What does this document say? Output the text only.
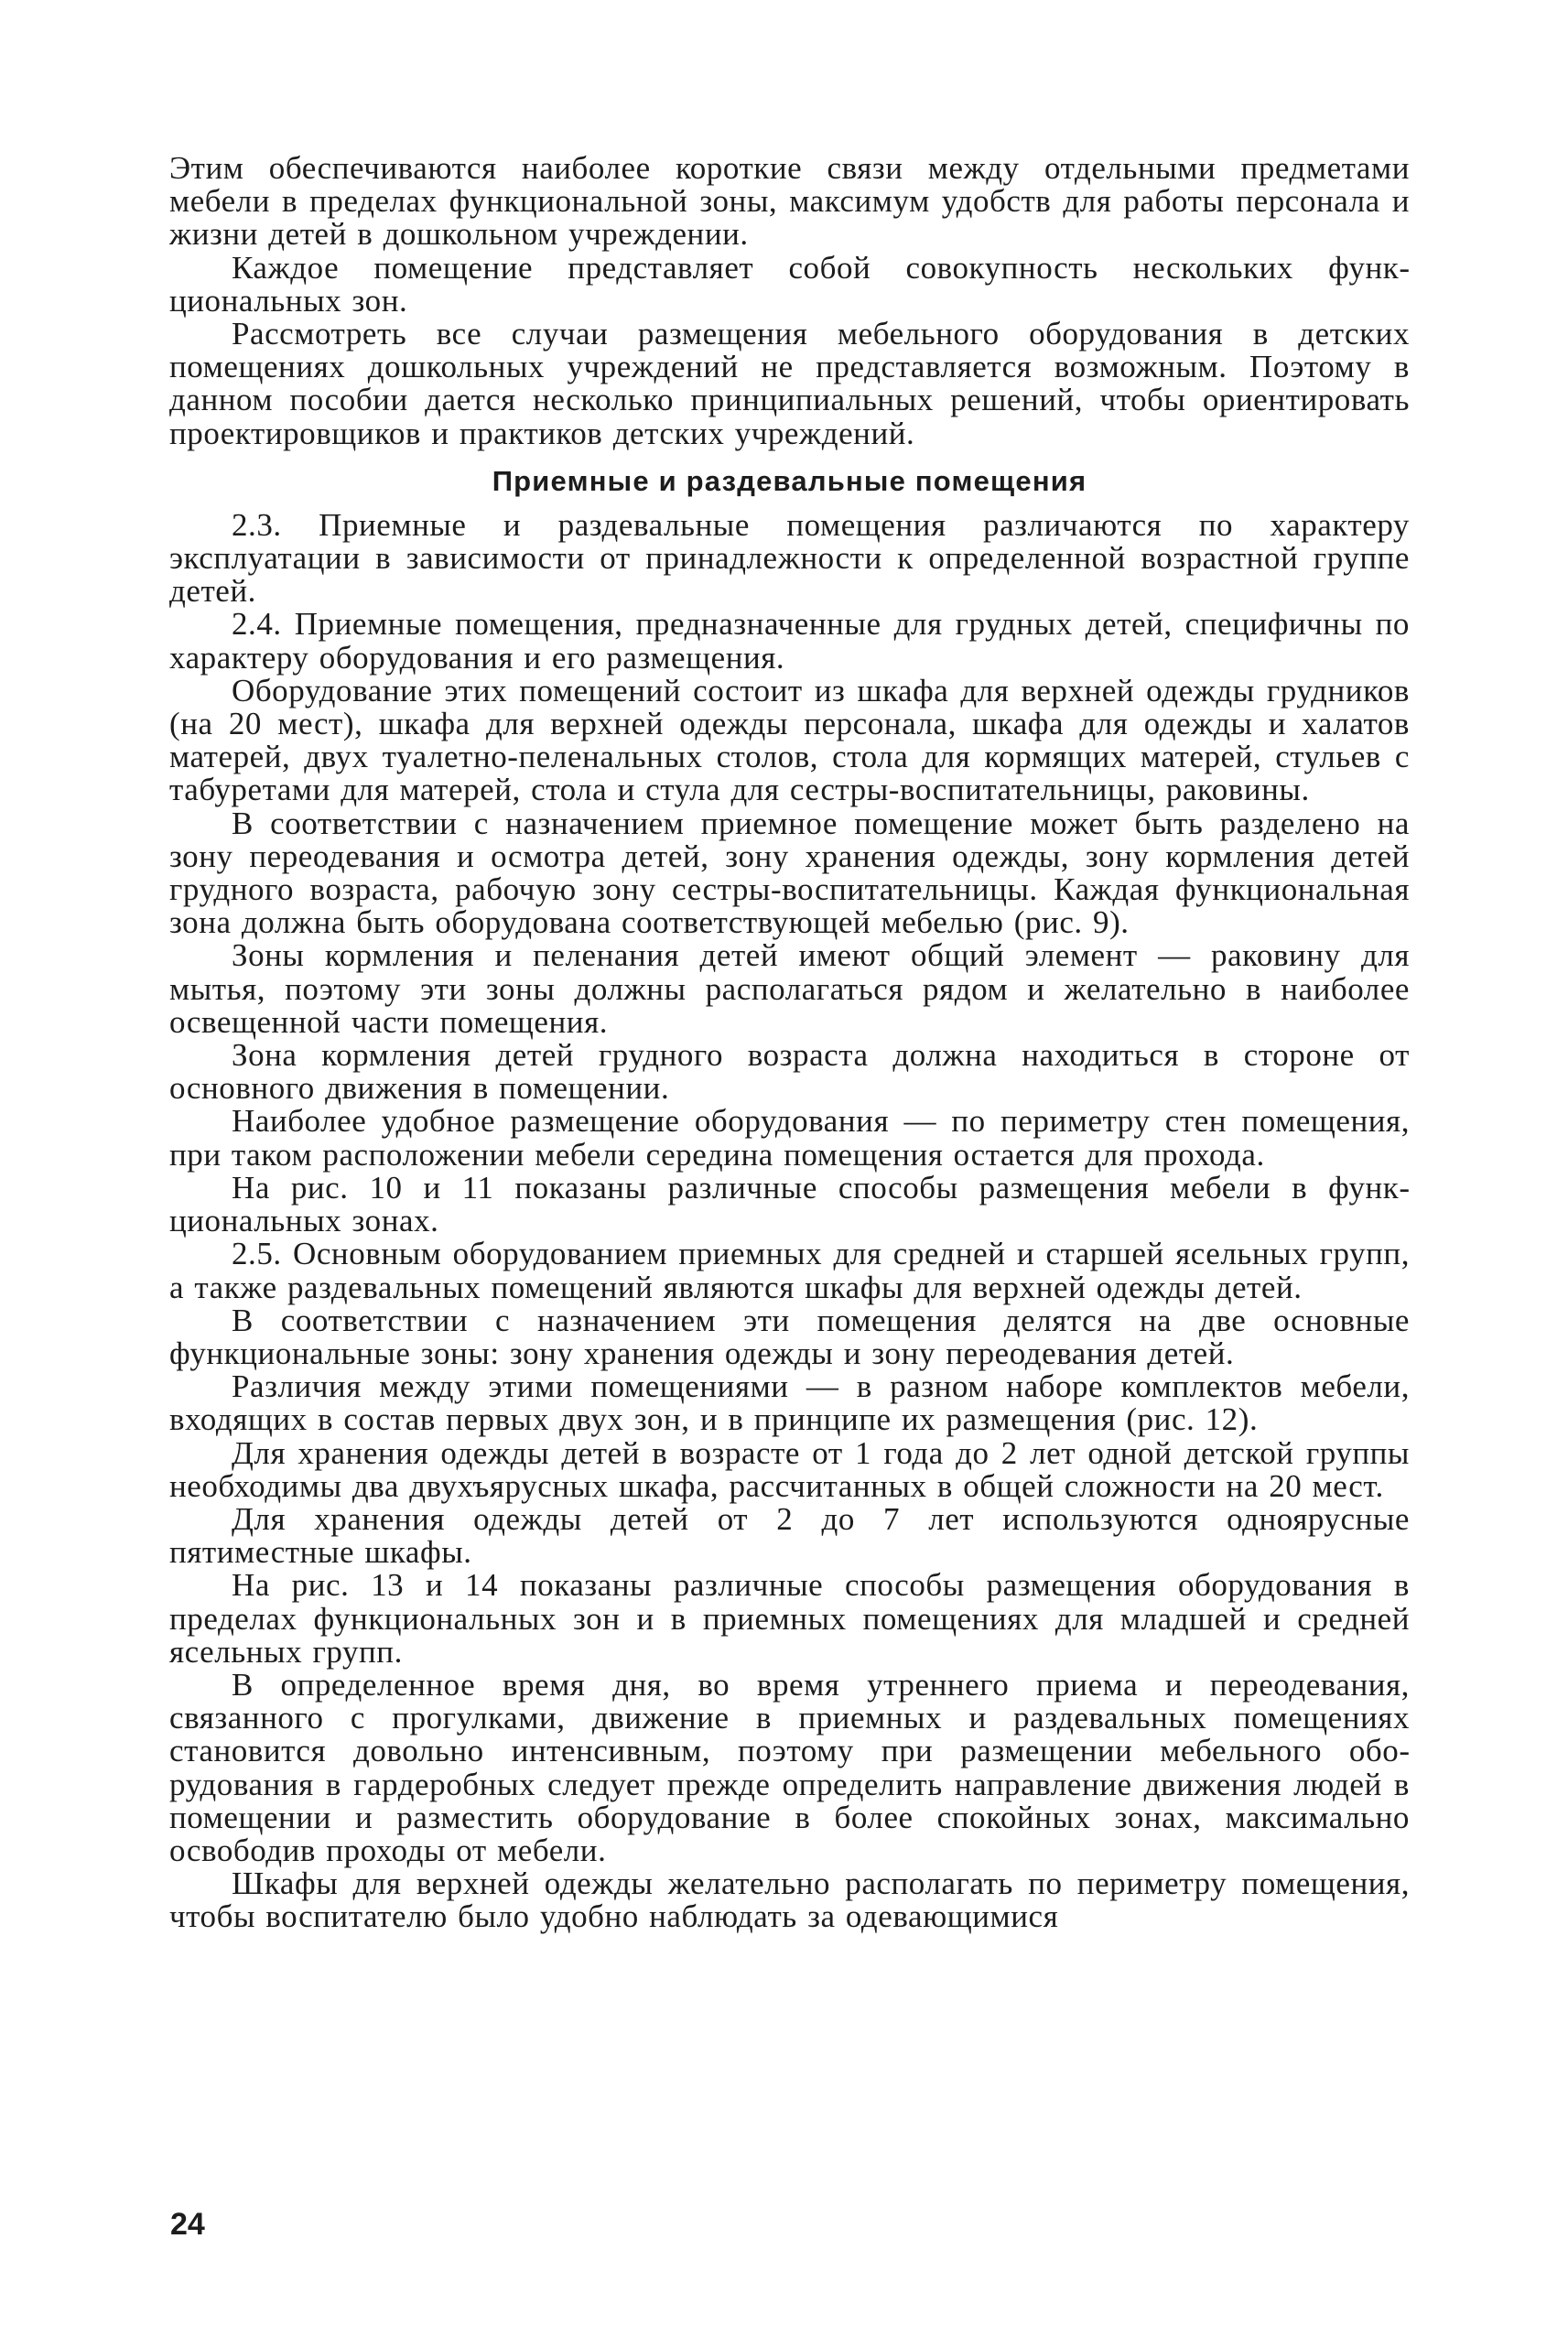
Этим обеспечиваются наиболее короткие связи между отдельными предметами мебели в пределах функциональной зоны, максимум удобств для работы персонала и жизни детей в дошкольном учреждении.

Каждое помещение представляет собой совокупность нескольких функциональных зон.

Рассмотреть все случаи размещения мебельного оборудования в детских помещениях дошкольных учреждений не представляется возможным. Поэтому в данном пособии дается несколько принципиальных решений, чтобы ориентировать проектировщиков и практиков детских учреждений.

Приемные и раздевальные помещения

2.3. Приемные и раздевальные помещения различаются по характеру эксплуатации в зависимости от принадлежности к определенной возрастной группе детей.

2.4. Приемные помещения, предназначенные для грудных детей, специфичны по характеру оборудования и его размещения.

Оборудование этих помещений состоит из шкафа для верхней одежды грудников (на 20 мест), шкафа для верхней одежды персонала, шкафа для одежды и халатов матерей, двух туалетно-пеленальных столов, стола для кормящих матерей, стульев с табуретами для матерей, стола и стула для сестры-воспитательницы, раковины.

В соответствии с назначением приемное помещение может быть разделено на зону переодевания и осмотра детей, зону хранения одежды, зону кормления детей грудного возраста, рабочую зону сестры-воспитательницы. Каждая функциональная зона должна быть оборудована соответствующей мебелью (рис. 9).

Зоны кормления и пеленания детей имеют общий элемент — раковину для мытья, поэтому эти зоны должны располагаться рядом и желательно в наиболее освещенной части помещения.

Зона кормления детей грудного возраста должна находиться в стороне от основного движения в помещении.

Наиболее удобное размещение оборудования — по периметру стен помещения, при таком расположении мебели середина помещения остается для прохода.

На рис. 10 и 11 показаны различные способы размещения мебели в функциональных зонах.

2.5. Основным оборудованием приемных для средней и старшей ясельных групп, а также раздевальных помещений являются шкафы для верхней одежды детей.

В соответствии с назначением эти помещения делятся на две основные функциональные зоны: зону хранения одежды и зону переодевания детей.

Различия между этими помещениями — в разном наборе комплектов мебели, входящих в состав первых двух зон, и в принципе их размещения (рис. 12).

Для хранения одежды детей в возрасте от 1 года до 2 лет одной детской группы необходимы два двухъярусных шкафа, рассчитанных в общей сложности на 20 мест.

Для хранения одежды детей от 2 до 7 лет используются одноярусные пятиместные шкафы.

На рис. 13 и 14 показаны различные способы размещения оборудования в пределах функциональных зон и в приемных помещениях для младшей и средней ясельных групп.

В определенное время дня, во время утреннего приема и переодевания, связанного с прогулками, движение в приемных и раздевальных помещениях становится довольно интенсивным, поэтому при размещении мебельного оборудования в гардеробных следует прежде определить направление движения людей в помещении и разместить оборудование в более спокойных зонах, максимально освободив проходы от мебели.

Шкафы для верхней одежды желательно располагать по периметру помещения, чтобы воспитателю было удобно наблюдать за одевающимися

24
